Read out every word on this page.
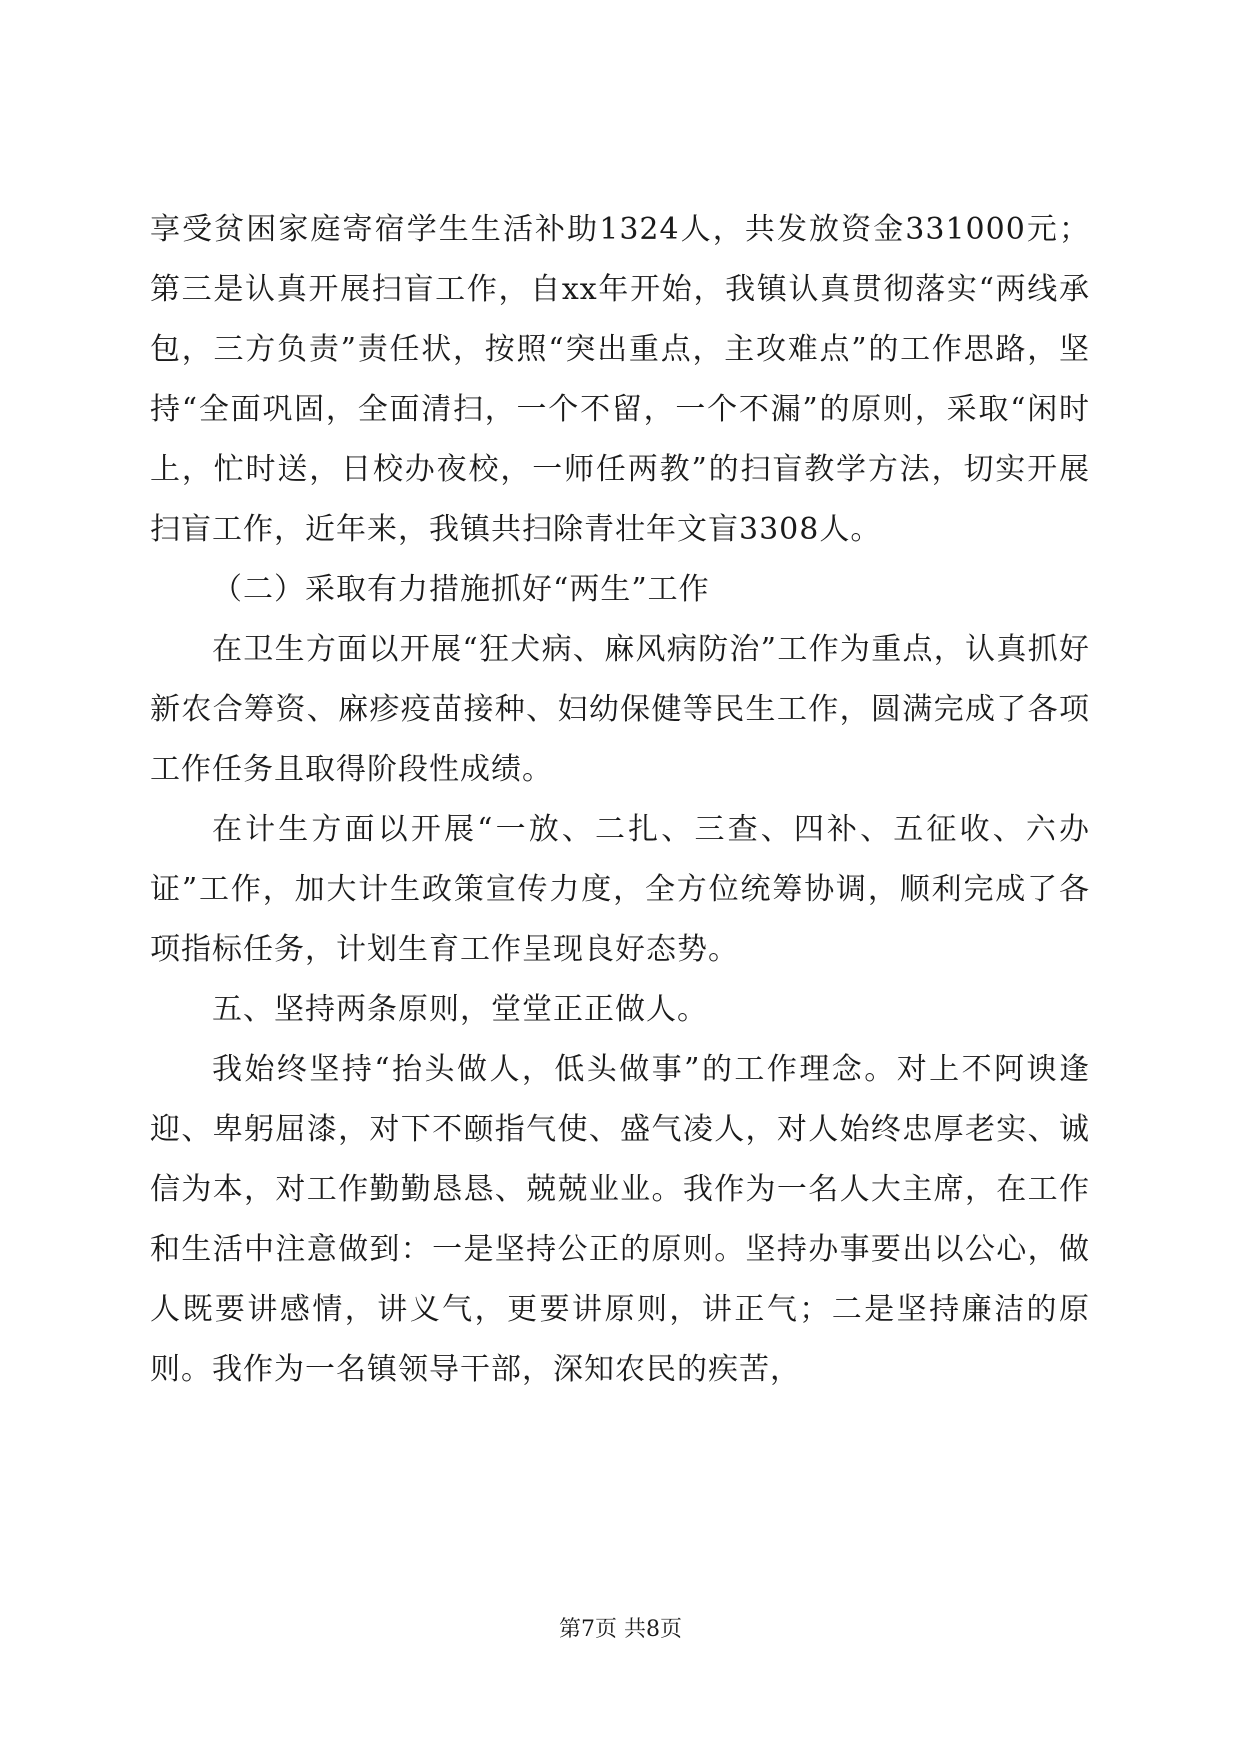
享受贫困家庭寄宿学生生活补助1324人，共发放资金331000元；第三是认真开展扫盲工作，自xx年开始，我镇认真贯彻落实“两线承包，三方负责”责任状，按照“突出重点，主攻难点”的工作思路，坚持“全面巩固，全面清扫，一个不留，一个不漏”的原则，采取“闲时上，忙时送，日校办夜校，一师任两教”的扫盲教学方法，切实开展扫盲工作，近年来，我镇共扫除青壮年文盲3308人。

（二）采取有力措施抓好“两生”工作

在卫生方面以开展“狂犬病、麻风病防治”工作为重点，认真抓好新农合筹资、麻疹疫苗接种、妇幼保健等民生工作，圆满完成了各项工作任务且取得阶段性成绩。

在计生方面以开展“一放、二扎、三查、四补、五征收、六办证”工作，加大计生政策宣传力度，全方位统筹协调，顺利完成了各项指标任务，计划生育工作呈现良好态势。

五、坚持两条原则，堂堂正正做人。

我始终坚持“抬头做人，低头做事”的工作理念。对上不阿谀逢迎、卑躬屈漆，对下不颐指气使、盛气凌人，对人始终忠厚老实、诚信为本，对工作勤勤恳恳、兢兢业业。我作为一名人大主席，在工作和生活中注意做到：一是坚持公正的原则。坚持办事要出以公心，做人既要讲感情，讲义气，更要讲原则，讲正气；二是坚持廉洁的原则。我作为一名镇领导干部，深知农民的疾苦，

第7页 共8页
